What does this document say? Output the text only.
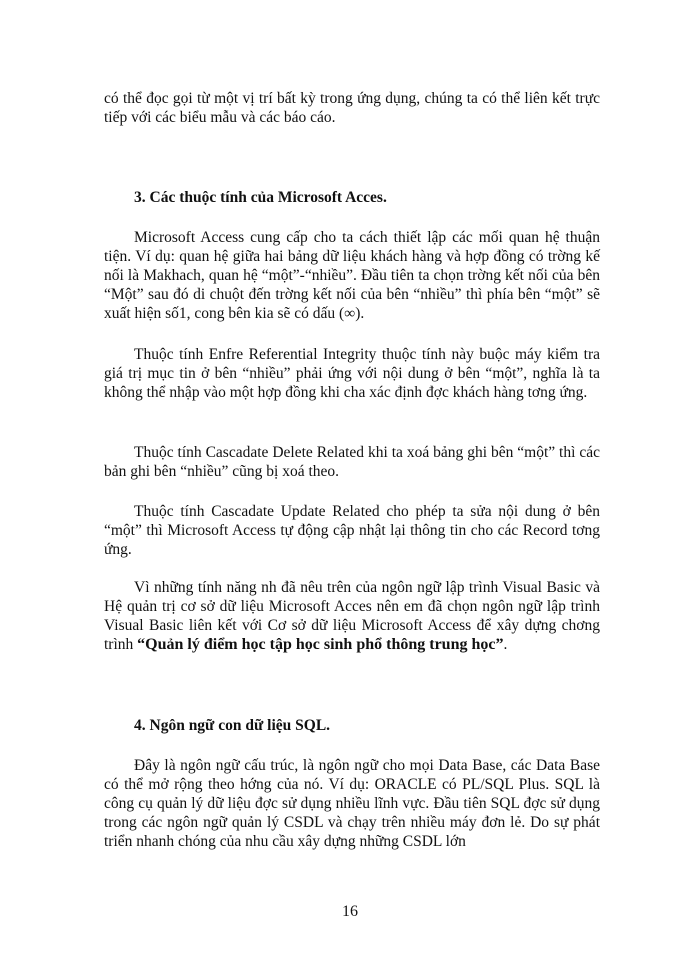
có thể đọc gọi từ một vị trí bất kỳ trong ứng dụng, chúng ta có thể liên kết trực tiếp với các biểu mẫu và các báo cáo.
3. Các thuộc tính của Microsoft Acces.
Microsoft Access cung cấp cho ta cách thiết lập các mối quan hệ thuận tiện. Ví dụ: quan hệ giữa hai bảng dữ liệu khách hàng và hợp đồng có trờng kế nối là Makhach, quan hệ “một”-“nhiều”. Đầu tiên ta chọn trờng kết nối của bên “Một” sau đó di chuột đến trờng kết nối của bên “nhiều” thì phía bên “một” sẽ xuất hiện số1, cong bên kia sẽ có dấu (∞).
Thuộc tính Enfre Referential Integrity thuộc tính này buộc máy kiểm tra giá trị mục tin ở bên “nhiều” phải ứng với nội dung ở bên “một”, nghĩa là ta không thể nhập vào một hợp đồng khi cha xác định đợc khách hàng tơng ứng.
Thuộc tính Cascadate Delete Related khi ta xoá bảng ghi bên “một” thì các bản ghi bên “nhiều” cũng bị xoá theo.
Thuộc tính Cascadate Update Related cho phép ta sửa nội dung ở bên “một” thì Microsoft Access tự động cập nhật lại thông tin cho các Record tơng ứng.
Vì những tính năng nh đã nêu trên của ngôn ngữ lập trình Visual Basic và Hệ quản trị cơ sở dữ liệu Microsoft Acces nên em đã chọn ngôn ngữ lập trình Visual Basic liên kết với Cơ sở dữ liệu Microsoft Access để xây dựng chơng trình “Quản lý điểm học tập học sinh phổ thông trung học”.
4. Ngôn ngữ con dữ liệu SQL.
Đây là ngôn ngữ cấu trúc, là ngôn ngữ cho mọi Data Base, các Data Base có thể mở rộng theo hớng của nó. Ví dụ: ORACLE có PL/SQL Plus. SQL là công cụ quản lý dữ liệu đợc sử dụng nhiều lĩnh vực. Đầu tiên SQL đợc sử dụng trong các ngôn ngữ quản lý CSDL và chạy trên nhiều máy đơn lẻ. Do sự phát triển nhanh chóng của nhu cầu xây dựng những CSDL lớn
16
